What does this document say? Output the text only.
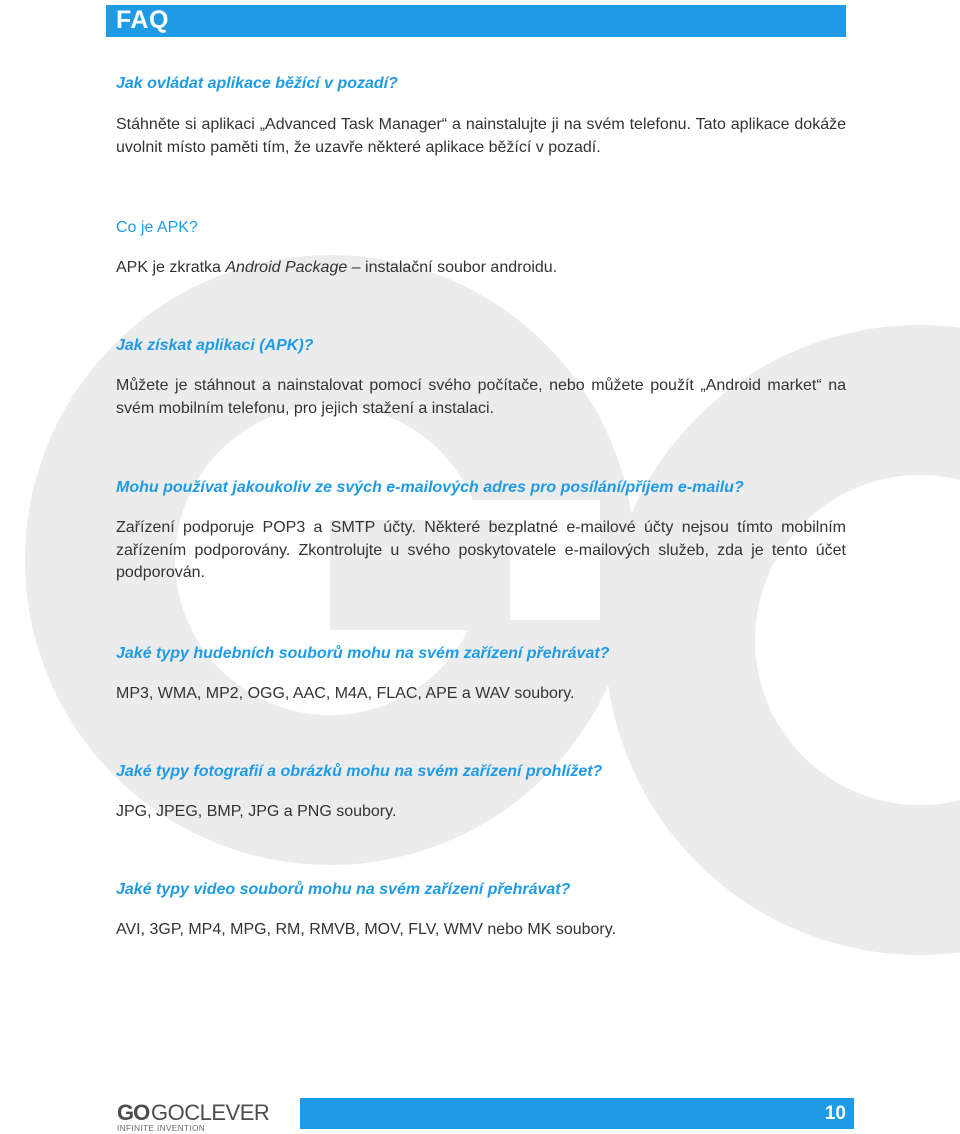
FAQ
Jak ovládat aplikace běžící v pozadí?
Stáhněte si aplikaci „Advanced Task Manager“ a nainstalujte ji na svém telefonu. Tato aplikace dokáže uvolnit místo paměti tím, že uzavře některé aplikace běžící v pozadí.
Co je APK?
APK je zkratka Android Package – instalační soubor androidu.
Jak získat aplikaci (APK)?
Můžete je stáhnout a nainstalovat pomocí svého počítače, nebo můžete použít „Android market“ na svém mobilním telefonu, pro jejich stažení a instalaci.
Mohu používat jakoukoliv ze svých e-mailových adres pro posílání/příjem e-mailu?
Zařízení podporuje POP3 a SMTP účty. Některé bezplatné e-mailové účty nejsou tímto mobilním zařízením podporovány. Zkontrolujte u svého poskytovatele e-mailových služeb, zda je tento účet podporován.
Jaké typy hudebních souborů mohu na svém zařízení přehrávat?
MP3, WMA, MP2, OGG, AAC, M4A, FLAC, APE a WAV soubory.
Jaké typy fotografií a obrázků mohu na svém zařízení prohlížet?
JPG, JPEG, BMP, JPG a PNG soubory.
Jaké typy video souborů mohu na svém zařízení přehrávat?
AVI, 3GP, MP4, MPG, RM, RMVB, MOV, FLV, WMV nebo MK soubory.
GO GOCLEVER
INFINITE INVENTION
10
